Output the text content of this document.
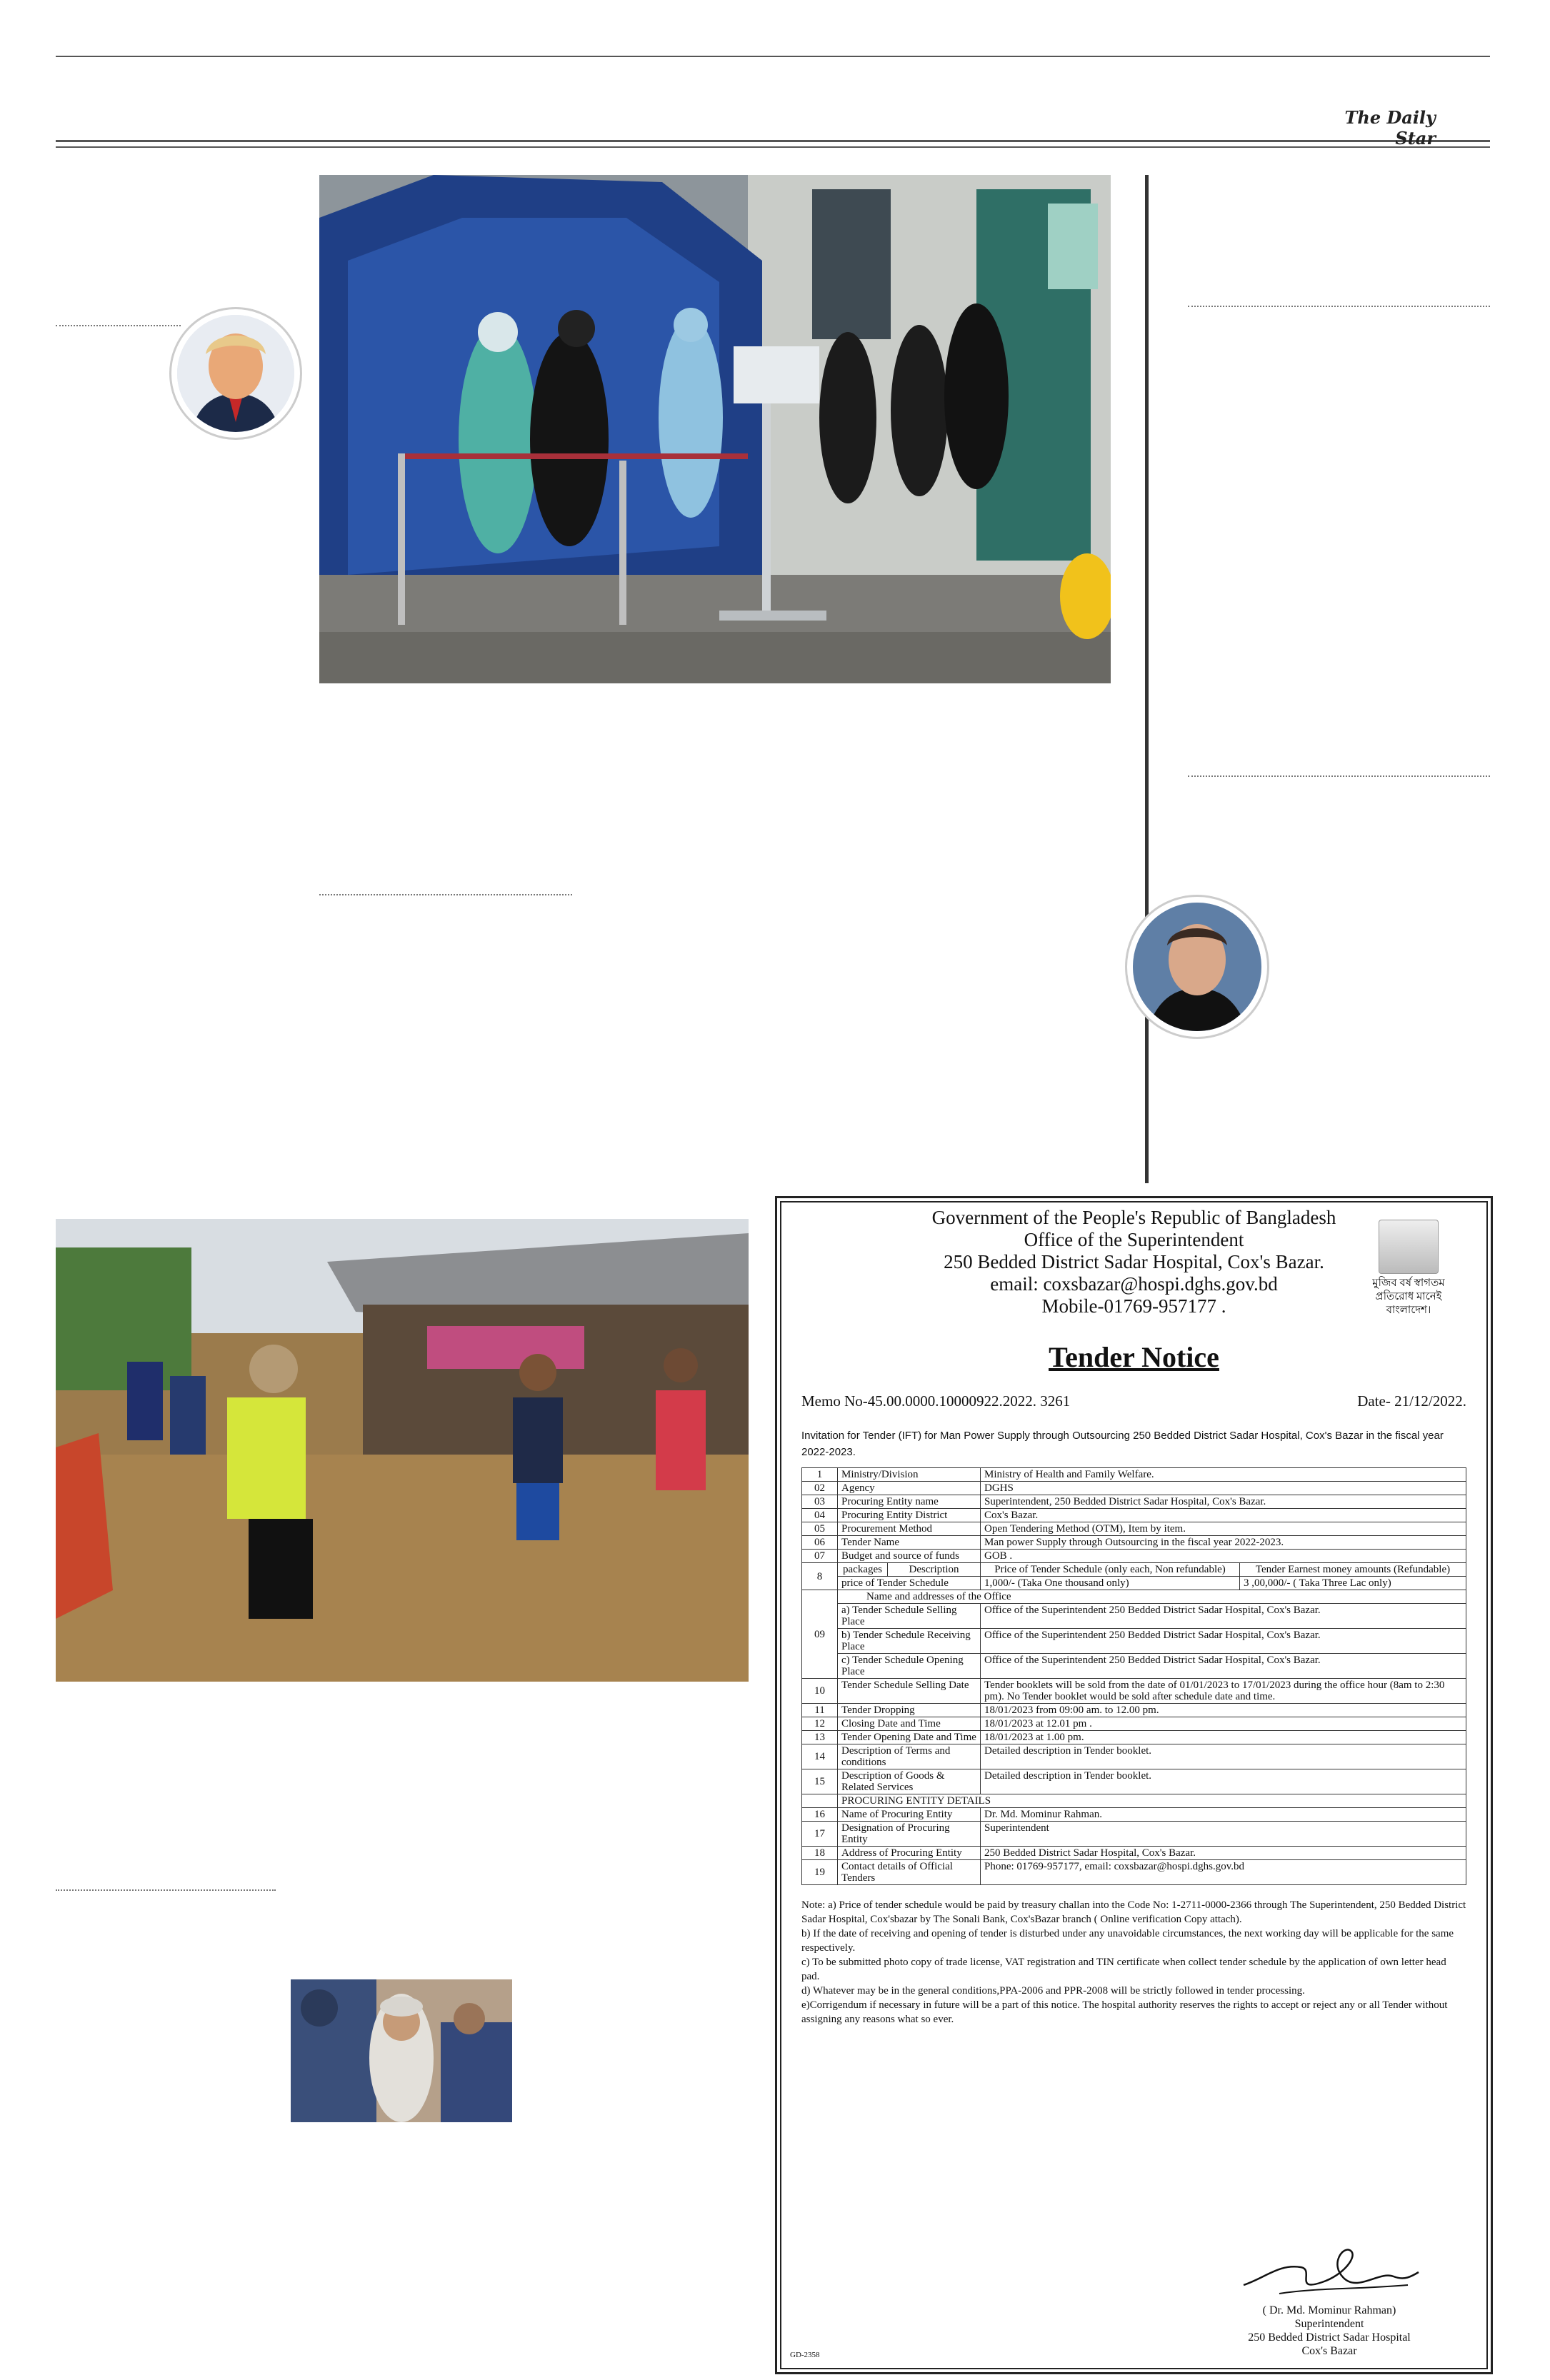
The Daily Star
Government of the People's Republic of Bangladesh
Office of the Superintendent
250 Bedded District Sadar Hospital, Cox's Bazar.
email: coxsbazar@hospi.dghs.gov.bd
Mobile-01769-957177 .
মুজিব বর্ষ স্বাগতম
প্রতিরোধ মানেই বাংলাদেশ।
Tender Notice
Memo No-45.00.0000.10000922.2022. 3261	Date- 21/12/2022.
Invitation for Tender (IFT) for Man Power Supply through Outsourcing 250 Bedded District Sadar Hospital, Cox's Bazar in the fiscal year 2022-2023.
1	Ministry/Division		Ministry of Health and Family Welfare.	
02	Agency		DGHS	
03	Procuring Entity name		Superintendent, 250 Bedded District Sadar Hospital, Cox's Bazar.	
04	Procuring Entity District		Cox's Bazar.	
05	Procurement Method		Open Tendering Method (OTM), Item by item.	
06	Tender Name		Man power Supply through Outsourcing in the fiscal year 2022-2023.	
07	Budget and source of funds		GOB .	
8	packages	Description	Price of Tender Schedule (only each, Non refundable)	Tender Earnest money amounts (Refundable)
	price of Tender Schedule		1,000/- (Taka One thousand only)	3 ,00,000/- ( Taka Three Lac only)
09	Name and addresses of the Office			
	a) Tender Schedule Selling Place		Office of the Superintendent 250 Bedded District Sadar Hospital, Cox's Bazar.	
	b) Tender Schedule Receiving Place		Office of the Superintendent 250 Bedded District Sadar Hospital, Cox's Bazar.	
	c) Tender Schedule Opening Place		Office of the Superintendent 250 Bedded District Sadar Hospital, Cox's Bazar.	
10	Tender Schedule Selling Date		Tender booklets will be sold from the date of 01/01/2023 to 17/01/2023 during the office hour (8am to 2:30 pm). No Tender booklet would be sold after schedule date and time.	
11	Tender Dropping		18/01/2023 from 09:00 am. to 12.00 pm.	
12	Closing Date and Time		18/01/2023 at 12.01 pm .	
13	Tender Opening Date and Time		18/01/2023 at 1.00 pm.	
14	Description of Terms and conditions		Detailed description in Tender booklet.	
15	Description of Goods & Related Services		Detailed description in Tender booklet.	
	PROCURING ENTITY DETAILS			
16	Name of Procuring Entity		Dr. Md. Mominur Rahman.	
17	Designation of Procuring Entity		Superintendent	
18	Address of Procuring Entity		250 Bedded District Sadar Hospital, Cox's Bazar.	
19	Contact details of Official Tenders		Phone: 01769-957177, email: coxsbazar@hospi.dghs.gov.bd	
Note: a) Price of tender schedule would be paid by treasury challan into the Code No: 1-2711-0000-2366 through The Superintendent, 250 Bedded District Sadar Hospital, Cox'sbazar by The Sonali Bank, Cox'sBazar branch ( Online verification Copy attach).
b) If the date of receiving and opening of tender is disturbed under any unavoidable circumstances, the next working day will be applicable for the same respectively.
c) To be submitted photo copy of trade license, VAT registration and TIN certificate when collect tender schedule by the application of own letter head pad.
d) Whatever may be in the general conditions,PPA-2006 and PPR-2008 will be strictly followed in tender processing.
e)Corrigendum if necessary in future will be a part of this notice. The hospital authority reserves the rights to accept or reject any or all Tender without assigning any reasons what so ever.
( Dr. Md. Mominur Rahman)
Superintendent
250 Bedded District Sadar Hospital
Cox's Bazar
GD-2358
